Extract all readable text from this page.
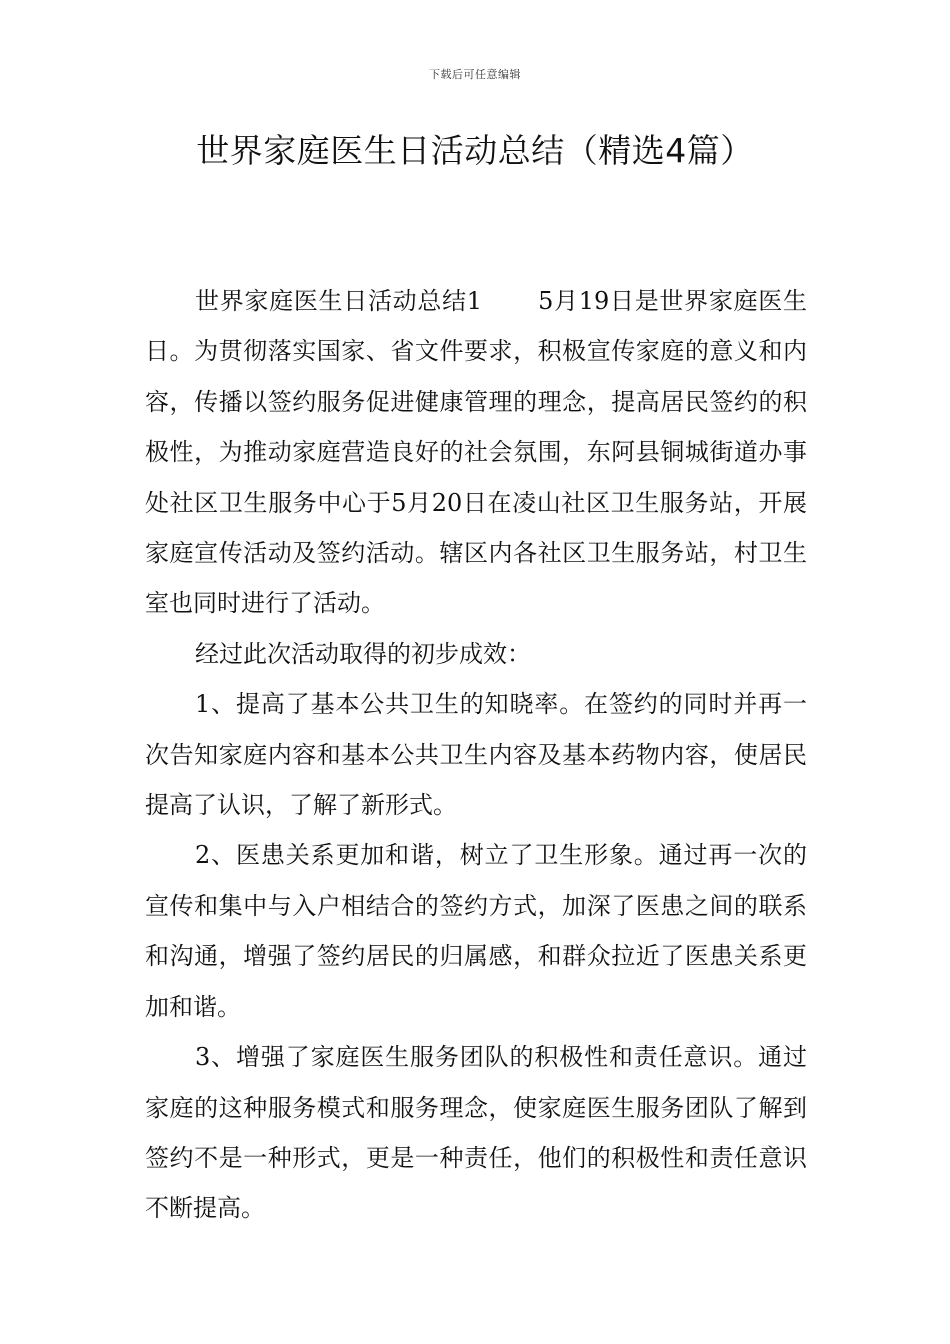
下载后可任意编辑
世界家庭医生日活动总结（精选4篇）

世界家庭医生日活动总结1 5月19日是世界家庭医生日。为贯彻落实国家、省文件要求，积极宣传家庭的意义和内容，传播以签约服务促进健康管理的理念，提高居民签约的积极性，为推动家庭营造良好的社会氛围，东阿县铜城街道办事处社区卫生服务中心于5月20日在凌山社区卫生服务站，开展家庭宣传活动及签约活动。辖区内各社区卫生服务站，村卫生室也同时进行了活动。

经过此次活动取得的初步成效：

1、提高了基本公共卫生的知晓率。在签约的同时并再一次告知家庭内容和基本公共卫生内容及基本药物内容，使居民提高了认识，了解了新形式。

2、医患关系更加和谐，树立了卫生形象。通过再一次的宣传和集中与入户相结合的签约方式，加深了医患之间的联系和沟通，增强了签约居民的归属感，和群众拉近了医患关系更加和谐。

3、增强了家庭医生服务团队的积极性和责任意识。通过家庭的这种服务模式和服务理念，使家庭医生服务团队了解到签约不是一种形式，更是一种责任，他们的积极性和责任意识不断提高。
